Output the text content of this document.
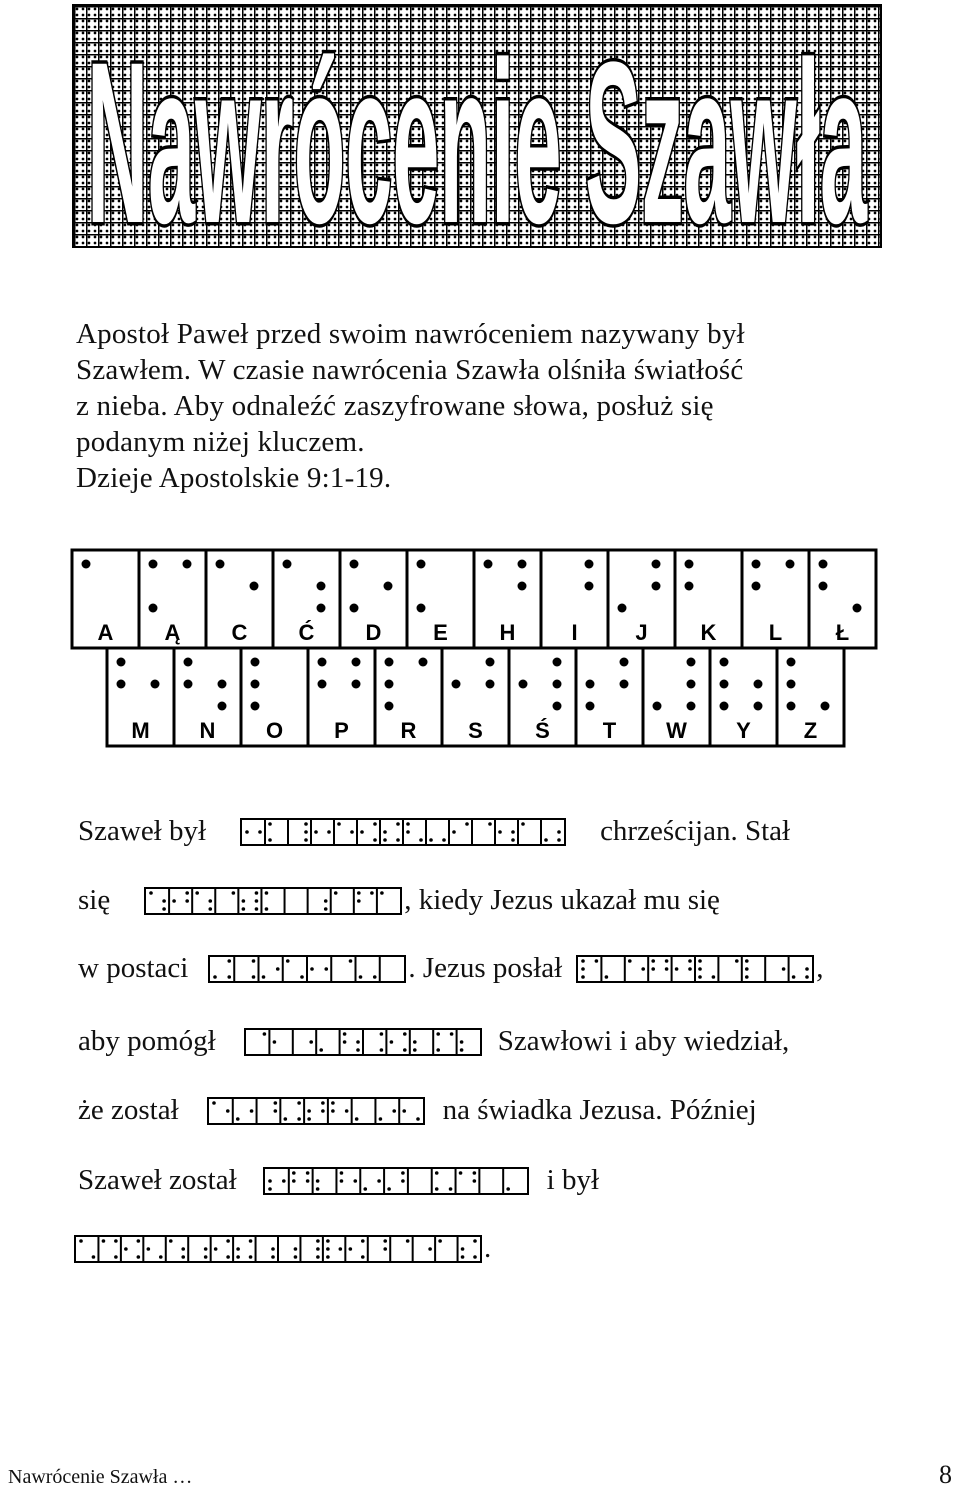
Nawrócenie Szawła
Apostoł Paweł przed swoim nawróceniem nazywany był
Szawłem. W czasie nawrócenia Szawła olśniła światłość
z nieba. Aby odnaleźć zaszyfrowane słowa, posłuż się
podanym niżej kluczem.
Dzieje Apostolskie 9:1-19.
A Ą C Ć D E H	I	J K L Ł
M N O P R S Ś T W Y Z
Szaweł był	chrześcijan. Stał
się	, kiedy Jezus ukazał mu się
w postaci	. Jezus posłał	,
aby pomógł	Szawłowi i aby wiedział,
że został	na świadka Jezusa. Później
Szaweł został	i był
.
Nawrócenie Szawła …	8
